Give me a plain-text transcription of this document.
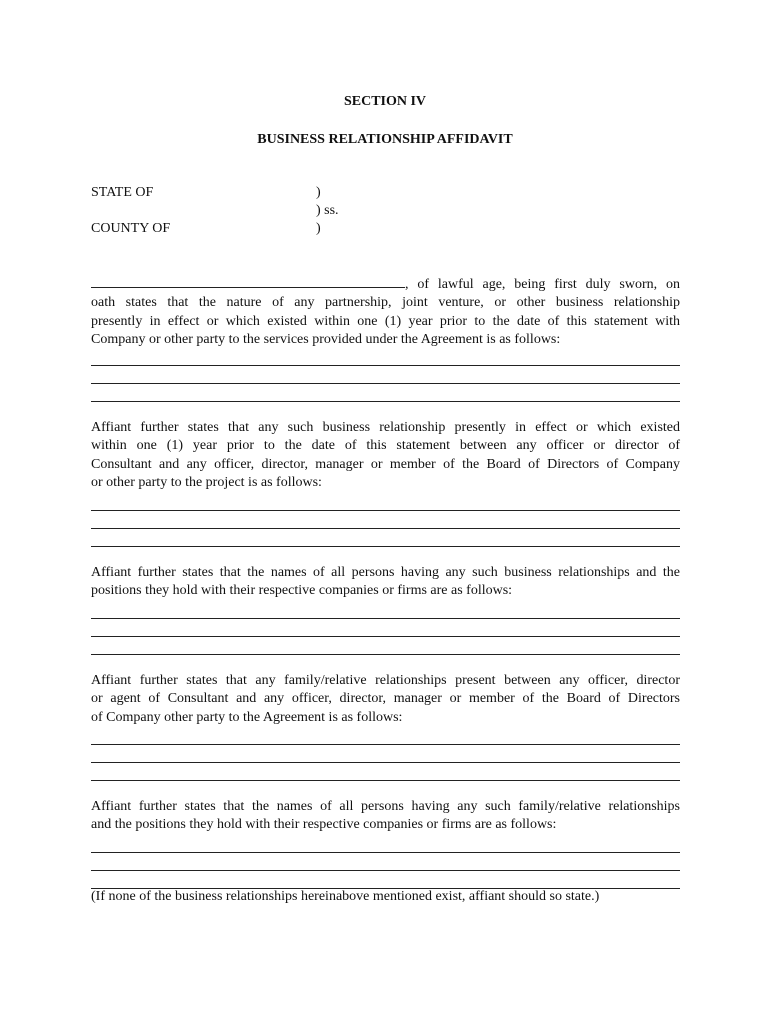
SECTION IV
BUSINESS RELATIONSHIP AFFIDAVIT
STATE OF	)
) ss.
COUNTY OF	)
, of lawful age, being first duly sworn, on
oath states that the nature of any partnership, joint venture, or other business relationship
presently in effect or which existed within one (1) year prior to the date of this statement with
Company or other party to the services provided under the Agreement is as follows:
Affiant further states that any such business relationship presently in effect or which existed
within one (1) year prior to the date of this statement between any officer or director of
Consultant and any officer, director, manager or member of the Board of Directors of Company
or other party to the project is as follows:
Affiant further states that the names of all persons having any such business relationships and the
positions they hold with their respective companies or firms are as follows:
Affiant further states that any family/relative relationships present between any officer, director
or agent of Consultant and any officer, director, manager or member of the Board of Directors
of Company other party to the Agreement is as follows:
Affiant further states that the names of all persons having any such family/relative relationships
and the positions they hold with their respective companies or firms are as follows:
(If none of the business relationships hereinabove mentioned exist, affiant should so state.)
